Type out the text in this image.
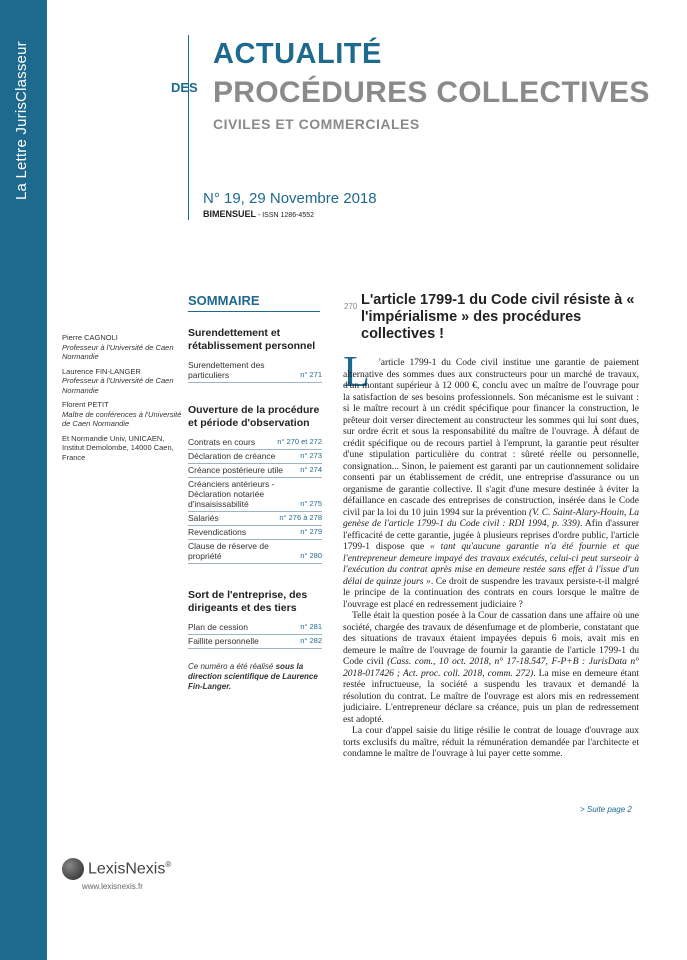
La Lettre JurisClasseur	ACTUALITÉ
DES PROCÉDURES COLLECTIVES
CIVILES ET COMMERCIALES
N° 19, 29 Novembre 2018
BIMENSUEL - ISSN 1286-4552
Pierre CAGNOLI
Professeur à l'Université de Caen Normandie
Laurence FIN-LANGER
Professeur à l'Université de Caen Normandie
Florent PETIT
Maître de conférences à l'Université de Caen Normandie
Et Normandie Univ, UNICAEN, Institut Demolombe, 14000 Caen, France
SOMMAIRE
Surendettement et rétablissement personnel
Surendettement des particuliers	n° 271
Ouverture de la procédure et période d'observation
Contrats en cours	n° 270 et 272
Déclaration de créance	n° 273
Créance postérieure utile	n° 274
Créanciers antérieurs - Déclaration notariée d'insaisissabilité	n° 275
Salariés	n° 276 à 278
Revendications	n° 279
Clause de réserve de propriété	n° 280
Sort de l'entreprise, des dirigeants et des tiers
Plan de cession	n° 281
Faillite personnelle	n° 282
Ce numéro a été réalisé sous la direction scientifique de Laurence Fin-Langer.
270 L'article 1799-1 du Code civil résiste à « l'impérialisme » des procédures collectives !
L 'article 1799-1 du Code civil institue une garantie de paiement alternative des sommes dues aux constructeurs pour un marché de travaux, d'un montant supérieur à 12 000 €, conclu avec un maître de l'ouvrage pour la satisfaction de ses besoins professionnels. Son mécanisme est le suivant : si le maître recourt à un crédit spécifique pour financer la construction, le prêteur doit verser directement au constructeur les sommes qui lui sont dues, sur ordre écrit et sous la responsabilité du maître de l'ouvrage. À défaut de crédit spécifique ou de recours partiel à l'emprunt, la garantie peut résulter d'une stipulation particulière du contrat : sûreté réelle ou personnelle, consignation... Sinon, le paiement est garanti par un cautionnement solidaire consenti par un établissement de crédit, une entreprise d'assurance ou un organisme de garantie collective. Il s'agit d'une mesure destinée à éviter la défaillance en cascade des entreprises de construction, insérée dans le Code civil par la loi du 10 juin 1994 sur la prévention (V. C. Saint-Alary-Houin, La genèse de l'article 1799-1 du Code civil : RDI 1994, p. 339). Afin d'assurer l'efficacité de cette garantie, jugée à plusieurs reprises d'ordre public, l'article 1799-1 dispose que « tant qu'aucune garantie n'a été fournie et que l'entrepreneur demeure impayé des travaux exécutés, celui-ci peut surseoir à l'exécution du contrat après mise en demeure restée sans effet à l'issue d'un délai de quinze jours ». Ce droit de suspendre les travaux persiste-t-il malgré le principe de la continuation des contrats en cours lorsque le maître de l'ouvrage est placé en redressement judiciaire ?

Telle était la question posée à la Cour de cassation dans une affaire où une société, chargée des travaux de désenfumage et de plomberie, constatant que des situations de travaux étaient impayées depuis 6 mois, avait mis en demeure le maître de l'ouvrage de fournir la garantie de l'article 1799-1 du Code civil (Cass. com., 10 oct. 2018, n° 17-18.547, F-P+B : JurisData n° 2018-017426 ; Act. proc. coll. 2018, comm. 272). La mise en demeure étant restée infructueuse, la société a suspendu les travaux et demandé la résolution du contrat. Le maître de l'ouvrage est alors mis en redressement judiciaire. L'entrepreneur déclare sa créance, puis un plan de redressement est adopté.

La cour d'appel saisie du litige résilie le contrat de louage d'ouvrage aux torts exclusifs du maître, réduit la rémunération demandée par l'architecte et condamne le maître de l'ouvrage à lui payer cette somme.

> Suite page 2
LexisNexis®
www.lexisnexis.fr
